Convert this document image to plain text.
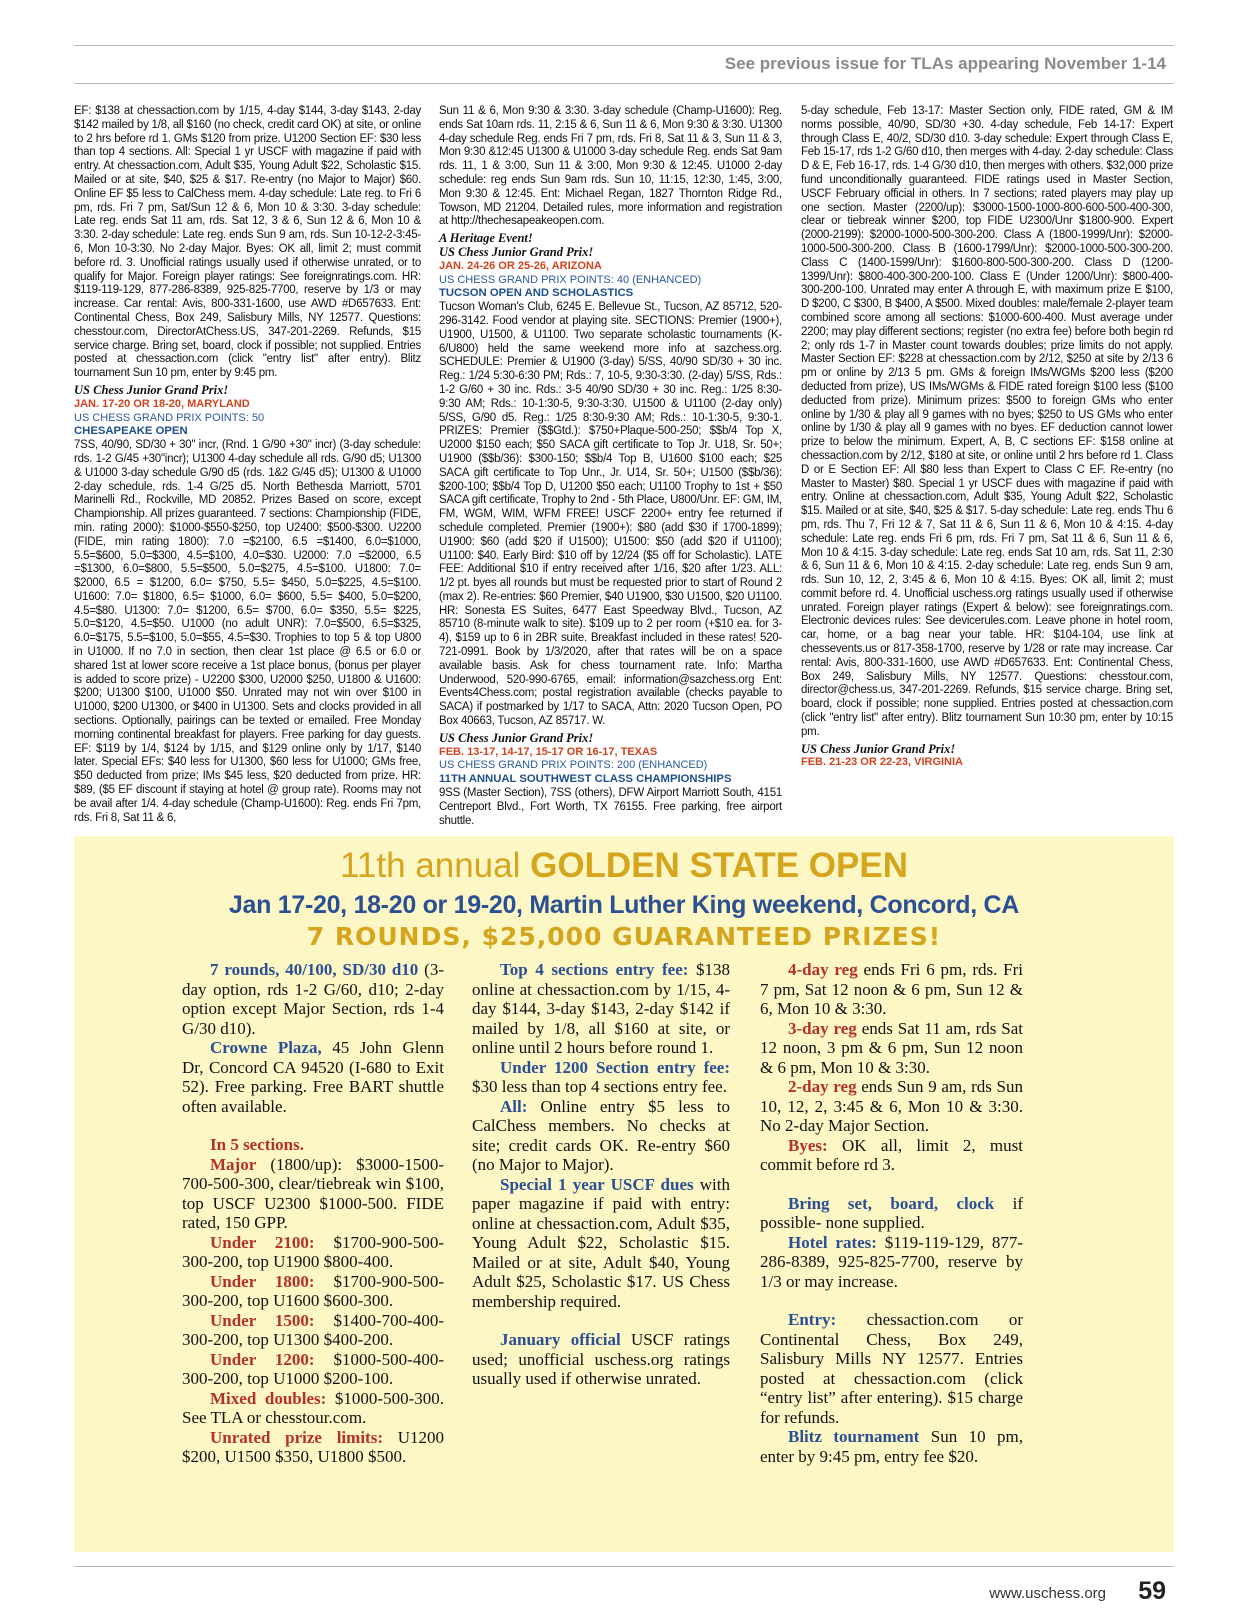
See previous issue for TLAs appearing November 1-14

EF: $138 at chessaction.com by 1/15, 4-day $144, 3-day $143, 2-day $142 mailed by 1/8, all $160 (no check, credit card OK) at site, or online to 2 hrs before rd 1. GMs $120 from prize. U1200 Section EF: $30 less than top 4 sections. All: Special 1 yr USCF with magazine if paid with entry. At chessaction.com, Adult $35, Young Adult $22, Scholastic $15. Mailed or at site, $40, $25 & $17. Re-entry (no Major to Major) $60. Online EF $5 less to CalChess mem. 4-day schedule: Late reg. to Fri 6 pm, rds. Fri 7 pm, Sat/Sun 12 & 6, Mon 10 & 3:30. 3-day schedule: Late reg. ends Sat 11 am, rds. Sat 12, 3 & 6, Sun 12 & 6, Mon 10 & 3:30. 2-day schedule: Late reg. ends Sun 9 am, rds. Sun 10-12-2-3:45-6, Mon 10-3:30. No 2-day Major. Byes: OK all, limit 2; must commit before rd. 3. Unofficial ratings usually used if otherwise unrated, or to qualify for Major. Foreign player ratings: See foreignratings.com. HR: $119-119-129, 877-286-8389, 925-825-7700, reserve by 1/3 or may increase. Car rental: Avis, 800-331-1600, use AWD #D657633. Ent: Continental Chess, Box 249, Salisbury Mills, NY 12577. Questions: chesstour.com, DirectorAtChess.US, 347-201-2269. Refunds, $15 service charge. Bring set, board, clock if possible; not supplied. Entries posted at chessaction.com (click "entry list" after entry). Blitz tournament Sun 10 pm, enter by 9:45 pm.

US Chess Junior Grand Prix!

JAN. 17-20 OR 18-20, MARYLAND

US CHESS GRAND PRIX POINTS: 50

CHESAPEAKE OPEN

7SS, 40/90, SD/30 + 30" incr, (Rnd. 1 G/90 +30" incr) (3-day schedule: rds. 1-2 G/45 +30"incr); U1300 4-day schedule all rds. G/90 d5; U1300 & U1000 3-day schedule G/90 d5 (rds. 1&2 G/45 d5); U1300 & U1000 2-day schedule, rds. 1-4 G/25 d5. North Bethesda Marriott, 5701 Marinelli Rd., Rockville, MD 20852. Prizes Based on score, except Championship. All prizes guaranteed. 7 sections: Championship (FIDE, min. rating 2000): $1000-$550-$250, top U2400: $500-$300. U2200 (FIDE, min rating 1800): 7.0 =$2100, 6.5 =$1400, 6.0=$1000, 5.5=$600, 5.0=$300, 4.5=$100, 4.0=$30. U2000: 7.0 =$2000, 6.5 =$1300, 6.0=$800, 5.5=$500, 5.0=$275, 4.5=$100. U1800: 7.0= $2000, 6.5 = $1200, 6.0= $750, 5.5= $450, 5.0=$225, 4.5=$100. U1600: 7.0= $1800, 6.5= $1000, 6.0= $600, 5.5= $400, 5.0=$200, 4.5=$80. U1300: 7.0= $1200, 6.5= $700, 6.0= $350, 5.5= $225, 5.0=$120, 4.5=$50. U1000 (no adult UNR): 7.0=$500, 6.5=$325, 6.0=$175, 5.5=$100, 5.0=$55, 4.5=$30. Trophies to top 5 & top U800 in U1000. If no 7.0 in section, then clear 1st place @ 6.5 or 6.0 or shared 1st at lower score receive a 1st place bonus, (bonus per player is added to score prize) - U2200 $300, U2000 $250, U1800 & U1600: $200; U1300 $100, U1000 $50. Unrated may not win over $100 in U1000, $200 U1300, or $400 in U1300. Sets and clocks provided in all sections. Optionally, pairings can be texted or emailed. Free Monday morning continental breakfast for players. Free parking for day guests. EF: $119 by 1/4, $124 by 1/15, and $129 online only by 1/17, $140 later. Special EFs: $40 less for U1300, $60 less for U1000; GMs free, $50 deducted from prize; IMs $45 less, $20 deducted from prize. HR: $89, ($5 EF discount if staying at hotel @ group rate). Rooms may not be avail after 1/4. 4-day schedule (Champ-U1600): Reg. ends Fri 7pm, rds. Fri 8, Sat 11 & 6,

Sun 11 & 6, Mon 9:30 & 3:30. 3-day schedule (Champ-U1600): Reg. ends Sat 10am rds. 11, 2:15 & 6, Sun 11 & 6, Mon 9:30 & 3:30. U1300 4-day schedule Reg. ends Fri 7 pm, rds. Fri 8, Sat 11 & 3, Sun 11 & 3, Mon 9:30 &12:45 U1300 & U1000 3-day schedule Reg. ends Sat 9am rds. 11, 1 & 3:00, Sun 11 & 3:00, Mon 9:30 & 12:45. U1000 2-day schedule: reg ends Sun 9am rds. Sun 10, 11:15, 12:30, 1:45, 3:00, Mon 9:30 & 12:45. Ent: Michael Regan, 1827 Thornton Ridge Rd., Towson, MD 21204. Detailed rules, more information and registration at http://thechesapeakeopen.com.

A Heritage Event!

US Chess Junior Grand Prix!

JAN. 24-26 OR 25-26, ARIZONA

US CHESS GRAND PRIX POINTS: 40 (ENHANCED)

TUCSON OPEN AND SCHOLASTICS

Tucson Woman's Club, 6245 E. Bellevue St., Tucson, AZ 85712, 520-296-3142. Food vendor at playing site. SECTIONS: Premier (1900+), U1900, U1500, & U1100. Two separate scholastic tournaments (K-6/U800) held the same weekend more info at sazchess.org. SCHEDULE: Premier & U1900 (3-day) 5/SS, 40/90 SD/30 + 30 inc. Reg.: 1/24 5:30-6:30 PM; Rds.: 7, 10-5, 9:30-3:30. (2-day) 5/SS, Rds.: 1-2 G/60 + 30 inc. Rds.: 3-5 40/90 SD/30 + 30 inc. Reg.: 1/25 8:30-9:30 AM; Rds.: 10-1:30-5, 9:30-3:30. U1500 & U1100 (2-day only) 5/SS, G/90 d5. Reg.: 1/25 8:30-9:30 AM; Rds.: 10-1:30-5, 9:30-1. PRIZES: Premier ($$Gtd.): $750+Plaque-500-250; $$b/4 Top X, U2000 $150 each; $50 SACA gift certificate to Top Jr. U18, Sr. 50+; U1900 ($$b/36): $300-150; $$b/4 Top B, U1600 $100 each; $25 SACA gift certificate to Top Unr., Jr. U14, Sr. 50+; U1500 ($$b/36): $200-100; $$b/4 Top D, U1200 $50 each; U1100 Trophy to 1st + $50 SACA gift certificate, Trophy to 2nd - 5th Place, U800/Unr. EF: GM, IM, FM, WGM, WIM, WFM FREE! USCF 2200+ entry fee returned if schedule completed. Premier (1900+): $80 (add $30 if 1700-1899); U1900: $60 (add $20 if U1500); U1500: $50 (add $20 if U1100); U1100: $40. Early Bird: $10 off by 12/24 ($5 off for Scholastic). LATE FEE: Additional $10 if entry received after 1/16, $20 after 1/23. ALL: 1/2 pt. byes all rounds but must be requested prior to start of Round 2 (max 2). Re-entries: $60 Premier, $40 U1900, $30 U1500, $20 U1100. HR: Sonesta ES Suites, 6477 East Speedway Blvd., Tucson, AZ 85710 (8-minute walk to site). $109 up to 2 per room (+$10 ea. for 3-4), $159 up to 6 in 2BR suite. Breakfast included in these rates! 520-721-0991. Book by 1/3/2020, after that rates will be on a space available basis. Ask for chess tournament rate. Info: Martha Underwood, 520-990-6765, email: information@sazchess.org Ent: Events4Chess.com; postal registration available (checks payable to SACA) if postmarked by 1/17 to SACA, Attn: 2020 Tucson Open, PO Box 40663, Tucson, AZ 85717. W.

US Chess Junior Grand Prix!

FEB. 13-17, 14-17, 15-17 OR 16-17, TEXAS

US CHESS GRAND PRIX POINTS: 200 (ENHANCED)

11TH ANNUAL SOUTHWEST CLASS CHAMPIONSHIPS

9SS (Master Section), 7SS (others), DFW Airport Marriott South, 4151 Centreport Blvd., Fort Worth, TX 76155. Free parking, free airport shuttle.

5-day schedule, Feb 13-17: Master Section only, FIDE rated, GM & IM norms possible, 40/90, SD/30 +30. 4-day schedule, Feb 14-17: Expert through Class E, 40/2, SD/30 d10. 3-day schedule: Expert through Class E, Feb 15-17, rds 1-2 G/60 d10, then merges with 4-day. 2-day schedule: Class D & E, Feb 16-17, rds. 1-4 G/30 d10, then merges with others. $32,000 prize fund unconditionally guaranteed. FIDE ratings used in Master Section, USCF February official in others. In 7 sections; rated players may play up one section. Master (2200/up): $3000-1500-1000-800-600-500-400-300, clear or tiebreak winner $200, top FIDE U2300/Unr $1800-900. Expert (2000-2199): $2000-1000-500-300-200. Class A (1800-1999/Unr): $2000-1000-500-300-200. Class B (1600-1799/Unr): $2000-1000-500-300-200. Class C (1400-1599/Unr): $1600-800-500-300-200. Class D (1200-1399/Unr): $800-400-300-200-100. Class E (Under 1200/Unr): $800-400-300-200-100. Unrated may enter A through E, with maximum prize E $100, D $200, C $300, B $400, A $500. Mixed doubles: male/female 2-player team combined score among all sections: $1000-600-400. Must average under 2200; may play different sections; register (no extra fee) before both begin rd 2; only rds 1-7 in Master count towards doubles; prize limits do not apply. Master Section EF: $228 at chessaction.com by 2/12, $250 at site by 2/13 6 pm or online by 2/13 5 pm. GMs & foreign IMs/WGMs $200 less ($200 deducted from prize), US IMs/WGMs & FIDE rated foreign $100 less ($100 deducted from prize). Minimum prizes: $500 to foreign GMs who enter online by 1/30 & play all 9 games with no byes; $250 to US GMs who enter online by 1/30 & play all 9 games with no byes. EF deduction cannot lower prize to below the minimum. Expert, A, B, C sections EF: $158 online at chessaction.com by 2/12, $180 at site, or online until 2 hrs before rd 1. Class D or E Section EF: All $80 less than Expert to Class C EF. Re-entry (no Master to Master) $80. Special 1 yr USCF dues with magazine if paid with entry. Online at chessaction.com, Adult $35, Young Adult $22, Scholastic $15. Mailed or at site, $40, $25 & $17. 5-day schedule: Late reg. ends Thu 6 pm, rds. Thu 7, Fri 12 & 7, Sat 11 & 6, Sun 11 & 6, Mon 10 & 4:15. 4-day schedule: Late reg. ends Fri 6 pm, rds. Fri 7 pm, Sat 11 & 6, Sun 11 & 6, Mon 10 & 4:15. 3-day schedule: Late reg. ends Sat 10 am, rds. Sat 11, 2:30 & 6, Sun 11 & 6, Mon 10 & 4:15. 2-day schedule: Late reg. ends Sun 9 am, rds. Sun 10, 12, 2, 3:45 & 6, Mon 10 & 4:15. Byes: OK all, limit 2; must commit before rd. 4. Unofficial uschess.org ratings usually used if otherwise unrated. Foreign player ratings (Expert & below): see foreignratings.com. Electronic devices rules: See devicerules.com. Leave phone in hotel room, car, home, or a bag near your table. HR: $104-104, use link at chessevents.us or 817-358-1700, reserve by 1/28 or rate may increase. Car rental: Avis, 800-331-1600, use AWD #D657633. Ent: Continental Chess, Box 249, Salisbury Mills, NY 12577. Questions: chesstour.com, director@chess.us, 347-201-2269. Refunds, $15 service charge. Bring set, board, clock if possible; none supplied. Entries posted at chessaction.com (click "entry list" after entry). Blitz tournament Sun 10:30 pm, enter by 10:15 pm.

US Chess Junior Grand Prix!

FEB. 21-23 OR 22-23, VIRGINIA

11th annual GOLDEN STATE OPEN
Jan 17-20, 18-20 or 19-20, Martin Luther King weekend, Concord, CA
7 ROUNDS, $25,000 GUARANTEED PRIZES!

7 rounds, 40/100, SD/30 d10 (3-day option, rds 1-2 G/60, d10; 2-day option except Major Section, rds 1-4 G/30 d10).

Crowne Plaza, 45 John Glenn Dr, Concord CA 94520 (I-680 to Exit 52). Free parking. Free BART shuttle often available.

In 5 sections.

Major (1800/up): $3000-1500-700-500-300, clear/tiebreak win $100, top USCF U2300 $1000-500. FIDE rated, 150 GPP.

Under 2100: $1700-900-500-300-200, top U1900 $800-400.

Under 1800: $1700-900-500-300-200, top U1600 $600-300.

Under 1500: $1400-700-400-300-200, top U1300 $400-200.

Under 1200: $1000-500-400-300-200, top U1000 $200-100.

Mixed doubles: $1000-500-300. See TLA or chesstour.com.

Unrated prize limits: U1200 $200, U1500 $350, U1800 $500.

Top 4 sections entry fee: $138 online at chessaction.com by 1/15, 4-day $144, 3-day $143, 2-day $142 if mailed by 1/8, all $160 at site, or online until 2 hours before round 1.

Under 1200 Section entry fee: $30 less than top 4 sections entry fee.

All: Online entry $5 less to CalChess members. No checks at site; credit cards OK. Re-entry $60 (no Major to Major).

Special 1 year USCF dues with paper magazine if paid with entry: online at chessaction.com, Adult $35, Young Adult $22, Scholastic $15. Mailed or at site, Adult $40, Young Adult $25, Scholastic $17. US Chess membership required.

January official USCF ratings used; unofficial uschess.org ratings usually used if otherwise unrated.

4-day reg ends Fri 6 pm, rds. Fri 7 pm, Sat 12 noon & 6 pm, Sun 12 & 6, Mon 10 & 3:30.

3-day reg ends Sat 11 am, rds Sat 12 noon, 3 pm & 6 pm, Sun 12 noon & 6 pm, Mon 10 & 3:30.

2-day reg ends Sun 9 am, rds Sun 10, 12, 2, 3:45 & 6, Mon 10 & 3:30. No 2-day Major Section.

Byes: OK all, limit 2, must commit before rd 3.

Bring set, board, clock if possible- none supplied.

Hotel rates: $119-119-129, 877-286-8389, 925-825-7700, reserve by 1/3 or may increase.

Entry: chessaction.com or Continental Chess, Box 249, Salisbury Mills NY 12577. Entries posted at chessaction.com (click “entry list” after entering). $15 charge for refunds.

Blitz tournament Sun 10 pm, enter by 9:45 pm, entry fee $20.

www.uschess.org 59
